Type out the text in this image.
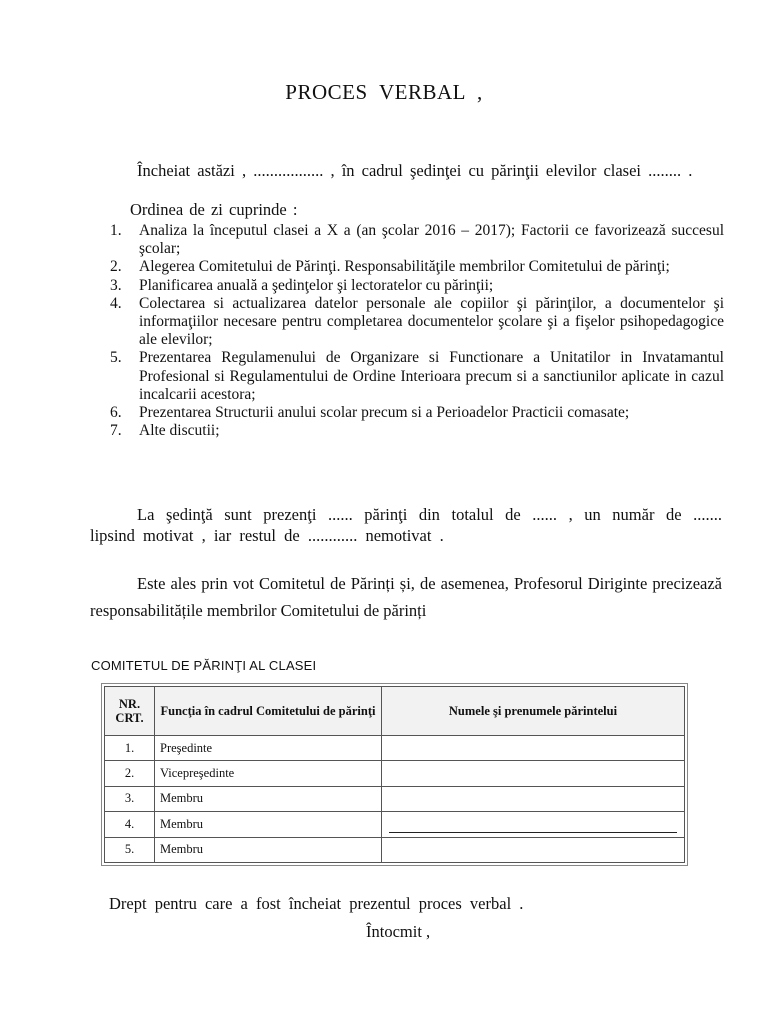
PROCES VERBAL ,

Încheiat astăzi , ................. , în cadrul şedinţei cu părinţii elevilor clasei ........ .

Ordinea de zi cuprinde :
1. Analiza la începutul clasei a X a (an şcolar 2016 – 2017); Factorii ce favorizează succesul şcolar;
2. Alegerea Comitetului de Părinţi. Responsabilităţile membrilor Comitetului de părinţi;
3. Planificarea anuală a şedinţelor şi lectoratelor cu părinţii;
4. Colectarea si actualizarea datelor personale ale copiilor şi părinţilor, a documentelor şi informaţiilor necesare pentru completarea documentelor şcolare şi a fişelor psihopedagogice ale elevilor;
5. Prezentarea Regulamenului de Organizare si Functionare a Unitatilor in Invatamantul Profesional si Regulamentului de Ordine Interioara precum si a sanctiunilor aplicate in cazul incalcarii acestora;
6. Prezentarea Structurii anului scolar precum si a Perioadelor Practicii comasate;
7. Alte discutii;

La şedinţă sunt prezenţi ...... părinţi din totalul de ...... , un număr de ....... lipsind motivat , iar restul de ............ nemotivat .

Este ales prin vot Comitetul de Părinți și, de asemenea, Profesorul Diriginte precizează responsabilitățile membrilor Comitetului de părinți

COMITETUL DE PĂRINŢI AL CLASEI
NR. CRT.	Funcţia în cadrul Comitetului de părinţi	Numele şi prenumele părintelui
1.	Preşedinte	
2.	Vicepreşedinte	
3.	Membru	
4.	Membru	

5.	Membru	
Drept pentru care a fost încheiat prezentul proces verbal .
Întocmit ,
